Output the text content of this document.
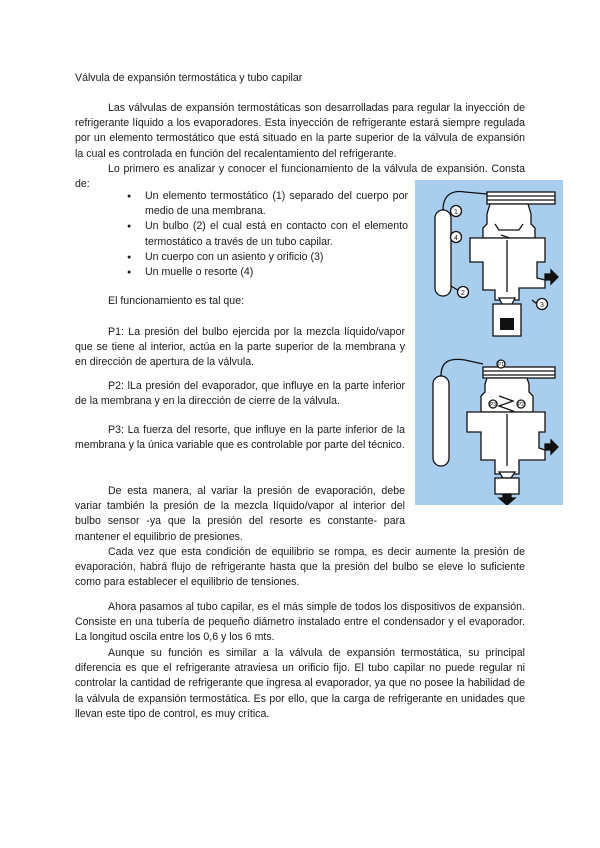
Válvula de expansión termostática y tubo capilar
Las válvulas de expansión termostáticas son desarrolladas para regular la inyección de refrigerante líquido a los evaporadores. Esta inyección de refrigerante estará siempre regulada por un elemento termostático que está situado en la parte superior de la válvula de expansión la cual es controlada en función del recalentamiento del refrigerante.
Lo primero es analizar y conocer el funcionamiento de la válvula de expansión. Consta de:
● Un elemento termostático (1) separado del cuerpo por medio de una membrana.
● Un bulbo (2) el cual está en contacto con el elemento termostático a través de un tubo capilar.
● Un cuerpo con un asiento y orificio (3)
● Un muelle o resorte (4)
El funcionamiento es tal que:
P1: La presión del bulbo ejercida por la mezcla líquido/vapor que se tiene al interior, actúa en la parte superior de la membrana y en dirección de apertura de la válvula.
P2: lLa presión del evaporador, que influye en la parte inferior de la membrana y en la dirección de cierre de la válvula.
P3: La fuerza del resorte, que influye en la parte inferior de la membrana y la única variable que es controlable por parte del técnico.
De esta manera, al variar la presión de evaporación, debe variar también la presión de la mezcla líquido/vapor al interior del bulbo sensor -ya que la presión del resorte es constante- para mantener el equilibrio de presiones.
Cada vez que esta condición de equilibrio se rompa, es decir aumente la presión de evaporación, habrá flujo de refrigerante hasta que la presión del bulbo se eleve lo suficiente como para establecer el equilibrio de tensiones.
Ahora pasamos al tubo capilar, es el más simple de todos los dispositivos de expansión. Consiste en una tubería de pequeño diámetro instalado entre el condensador y el evaporador. La longitud oscila entre los 0,6 y los 6 mts.
Aunque su función es similar a la válvula de expansión termostática, su principal diferencia es que el refrigerante atraviesa un orificio fijo. El tubo capilar no puede regular ni controlar la cantidad de refrigerante que ingresa al evaporador, ya que no posee la habilidad de la válvula de expansión termostática. Es por ello, que la carga de refrigerante en unidades que llevan este tipo de control, es muy crítica.
1
4
2
3
P1
P3	P2
